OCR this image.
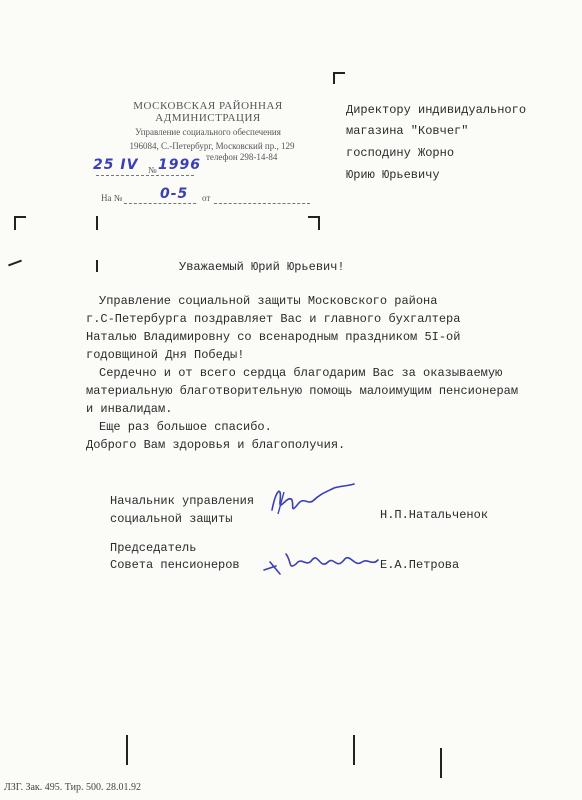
МОСКОВСКАЯ РАЙОННАЯ
АДМИНИСТРАЦИЯ
Управление социального обеспечения
196084, С.-Петербург, Московский пр., 129
телефон 298-14-84
25 IV № 1996
На №	0-5 от
Директору индивидуального
магазина "Ковчег"
господину Жорно
Юрию Юрьевичу
Уважаемый Юрий Юрьевич!
Управление социальной защиты Московского района
г.С-Петербурга поздравляет Вас и главного бухгалтера
Наталью Владимировну со всенародным праздником 5I-ой
годовщиной Дня Победы!
Сердечно и от всего сердца благодарим Вас за оказываемую
материальную благотворительную помощь малоимущим пенсионерам
и инвалидам.
Еще раз большое спасибо.
Доброго Вам здоровья и благополучия.
Начальник управления
социальной защиты	Н.П.Натальченок
Председатель
Совета пенсионеров	Е.А.Петрова
ЛЗГ. Зак. 495. Тир. 500. 28.01.92
